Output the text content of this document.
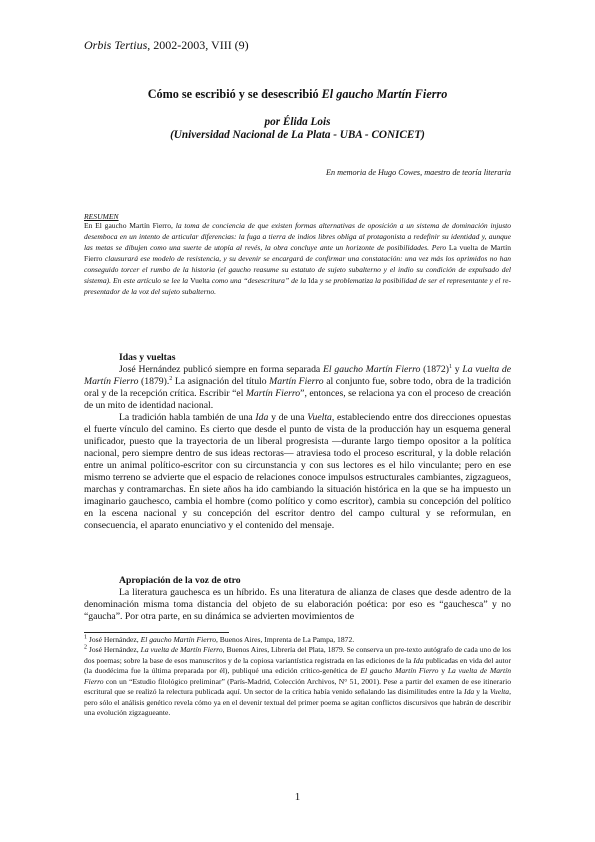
Orbis Tertius, 2002-2003, VIII (9)
Cómo se escribió y se desescribió El gaucho Martín Fierro
por Élida Lois
(Universidad Nacional de La Plata - UBA - CONICET)
En memoria de Hugo Cowes, maestro de teoría literaria
RESUMEN

En El gaucho Martín Fierro, la toma de conciencia de que existen formas alternativas de oposición a un sistema de dominación injusto desemboca en un intento de articular diferencias: la fuga a tierra de indios libres obliga al protagonista a redefinir su identidad y, aunque las metas se dibujen como una suerte de utopía al revés, la obra concluye ante un horizonte de posibilidades. Pero La vuelta de Martín Fierro clausurará ese modelo de resistencia, y su devenir se encargará de confirmar una constatación: una vez más los oprimidos no han conseguido torcer el rumbo de la historia (el gaucho reasume su estatuto de sujeto subalterno y el indio su condición de expulsado del sistema). En este artículo se lee la Vuelta como una “desescritura” de la Ida y se problematiza la posibilidad de ser el representante y el re-presentador de la voz del sujeto subalterno.

Idas y vueltas

José Hernández publicó siempre en forma separada El gaucho Martín Fierro $(1872)^1$ y La vuelta de Martín Fierro (1879).$^2$ La asignación del título Martín Fierro al conjunto fue, sobre todo, obra de la tradición oral y de la recepción crítica. Escribir “el Martín Fierro”, entonces, se relaciona ya con el proceso de creación de un mito de identidad nacional.

La tradición habla también de una Ida y de una Vuelta, estableciendo entre dos direcciones opuestas el fuerte vínculo del camino. Es cierto que desde el punto de vista de la producción hay un esquema general unificador, puesto que la trayectoria de un liberal progresista —durante largo tiempo opositor a la política nacional, pero siempre dentro de sus ideas rectoras— atraviesa todo el proceso escritural, y la doble relación entre un animal político-escritor con su circunstancia y con sus lectores es el hilo vinculante; pero en ese mismo terreno se advierte que el espacio de relaciones conoce impulsos estructurales cambiantes, zigzagueos, marchas y contramarchas. En siete años ha ido cambiando la situación histórica en la que se ha impuesto un imaginario gauchesco, cambia el hombre (como político y como escritor), cambia su concepción del político en la escena nacional y su concepción del escritor dentro del campo cultural y se reformulan, en consecuencia, el aparato enunciativo y el contenido del mensaje.

Apropiación de la voz de otro

La literatura gauchesca es un híbrido. Es una literatura de alianza de clases que desde adentro de la denominación misma toma distancia del objeto de su elaboración poética: por eso es “gauchesca” y no “gaucha”. Por otra parte, en su dinámica se advierten movimientos de

$^1$ José Hernández, El gaucho Martín Fierro, Buenos Aires, Imprenta de La Pampa, 1872.

$^2$ José Hernández, La vuelta de Martín Fierro, Buenos Aires, Librería del Plata, 1879. Se conserva un pre-texto autógrafo de cada uno de los dos poemas; sobre la base de esos manuscritos y de la copiosa variantística registrada en las ediciones de la Ida publicadas en vida del autor (la duodécima fue la última preparada por él), publiqué una edición crítico-genética de El gaucho Martín Fierro y La vuelta de Martín Fierro con un “Estudio filológico preliminar” (París-Madrid, Colección Archivos, N° 51, 2001). Pese a partir del examen de ese itinerario escritural que se realizó la relectura publicada aquí. Un sector de la crítica había venido señalando las disimilitudes entre la Ida y la Vuelta, pero sólo el análisis genético revela cómo ya en el devenir textual del primer poema se agitan conflictos discursivos que habrán de describir una evolución zigzagueante.

1
